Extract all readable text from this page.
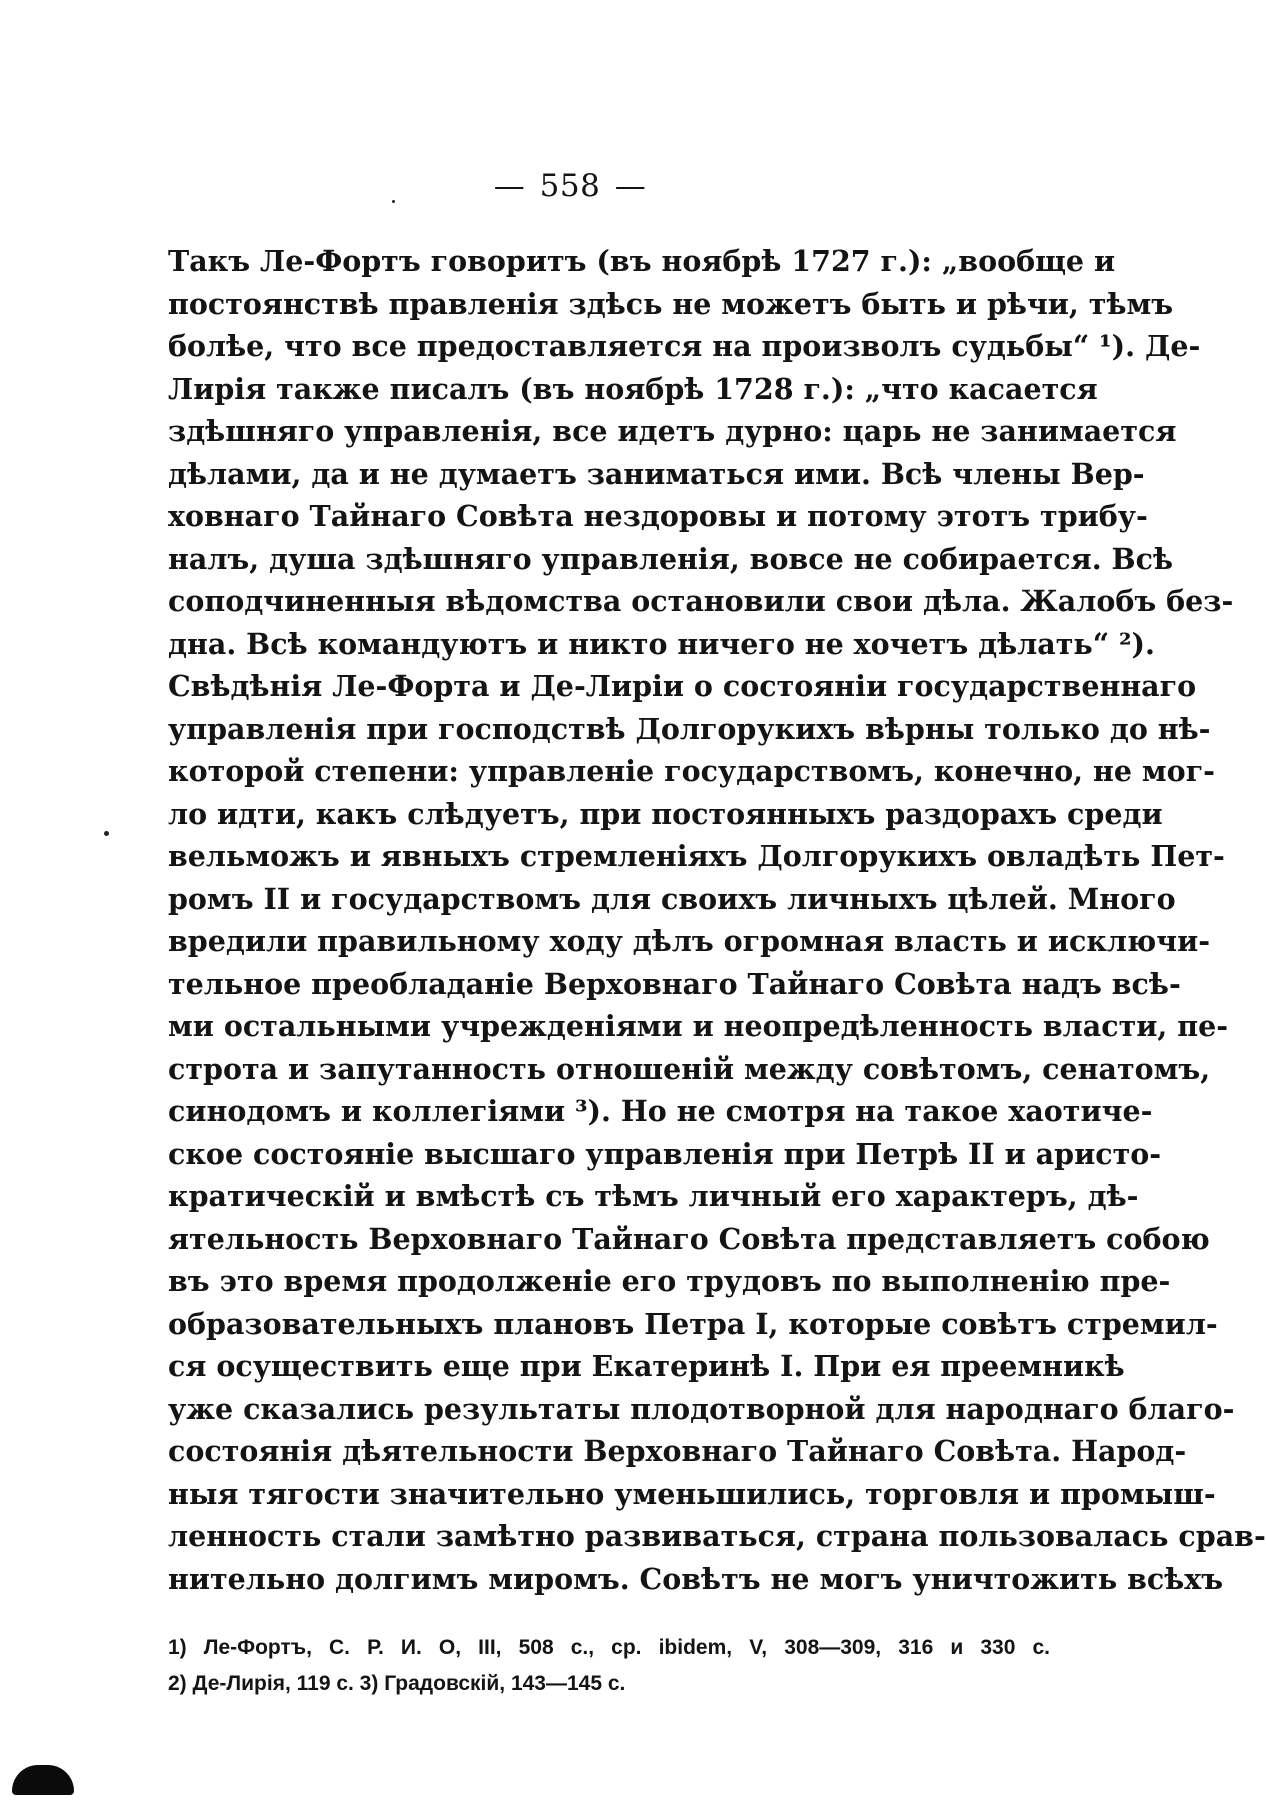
— 558 —
Такъ Ле-Фортъ говоритъ (въ ноябрѣ 1727 г.): „вообще и
постоянствѣ правленія здѣсь не можетъ быть и рѣчи, тѣмъ
болѣе, что все предоставляется на произволъ судьбы“ ¹). Де-
Лирія также писалъ (въ ноябрѣ 1728 г.): „что касается
здѣшняго управленія, все идетъ дурно: царь не занимается
дѣлами, да и не думаетъ заниматься ими. Всѣ члены Вер-
ховнаго Тайнаго Совѣта нездоровы и потому этотъ трибу-
налъ, душа здѣшняго управленія, вовсе не собирается. Всѣ
соподчиненныя вѣдомства остановили свои дѣла. Жалобъ без-
дна. Всѣ командуютъ и никто ничего не хочетъ дѣлать“ ²).
Свѣдѣнія Ле-Форта и Де-Лиріи о состояніи государственнаго
управленія при господствѣ Долгорукихъ вѣрны только до нѣ-
которой степени: управленіе государствомъ, конечно, не мог-
ло идти, какъ слѣдуетъ, при постоянныхъ раздорахъ среди
вельможъ и явныхъ стремленіяхъ Долгорукихъ овладѣть Пет-
ромъ II и государствомъ для своихъ личныхъ цѣлей. Много
вредили правильному ходу дѣлъ огромная власть и исключи-
тельное преобладаніе Верховнаго Тайнаго Совѣта надъ всѣ-
ми остальными учрежденіями и неопредѣленность власти, пе-
строта и запутанность отношеній между совѣтомъ, сенатомъ,
синодомъ и коллегіями ³). Но не смотря на такое хаотиче-
ское состояніе высшаго управленія при Петрѣ II и аристо-
кратическій и вмѣстѣ съ тѣмъ личный его характеръ, дѣ-
ятельность Верховнаго Тайнаго Совѣта представляетъ собою
въ это время продолженіе его трудовъ по выполненію пре-
образовательныхъ плановъ Петра I, которые совѣтъ стремил-
ся осуществить еще при Екатеринѣ I. При ея преемникѣ
уже сказались результаты плодотворной для народнаго благо-
состоянія дѣятельности Верховнаго Тайнаго Совѣта. Народ-
ныя тягости значительно уменьшились, торговля и промыш-
ленность стали замѣтно развиваться, страна пользовалась срав-
нительно долгимъ миромъ. Совѣтъ не могъ уничтожить всѣхъ
1) Ле-Фортъ, С. Р. И. О, III, 508 с., ср. ibidem, V, 308—309, 316 и 330 с.
2) Де-Лирія, 119 с. 3) Градовскій, 143—145 с.
